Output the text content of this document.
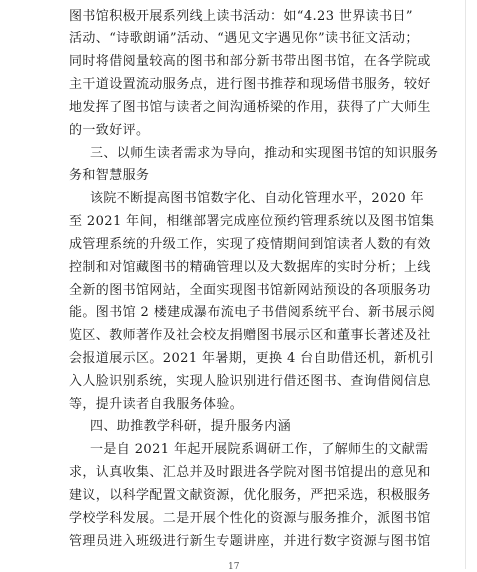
图书馆积极开展系列线上读书活动：如“4.23 世界读书日”
活动、“诗歌朗诵”活动、“遇见文字遇见你”读书征文活动；
同时将借阅量较高的图书和部分新书带出图书馆，在各学院或
主干道设置流动服务点，进行图书推荐和现场借书服务，较好
地发挥了图书馆与读者之间沟通桥梁的作用，获得了广大师生
的一致好评。
三、以师生读者需求为导向，推动和实现图书馆的知识服务
务和智慧服务
该院不断提高图书馆数字化、自动化管理水平，2020 年
至 2021 年间，相继部署完成座位预约管理系统以及图书馆集
成管理系统的升级工作，实现了疫情期间到馆读者人数的有效
控制和对馆藏图书的精确管理以及大数据库的实时分析；上线
全新的图书馆网站，全面实现图书馆新网站预设的各项服务功
能。图书馆 2 楼建成瀑布流电子书借阅系统平台、新书展示阅
览区、教师著作及社会校友捐赠图书展示区和董事长著述及社
会报道展示区。2021 年暑期，更换 4 台自助借还机，新机引
入人脸识别系统，实现人脸识别进行借还图书、查询借阅信息
等，提升读者自我服务体验。
四、助推教学科研，提升服务内涵
一是自 2021 年起开展院系调研工作，了解师生的文献需
求，认真收集、汇总并及时跟进各学院对图书馆提出的意见和
建议，以科学配置文献资源，优化服务，严把采选，积极服务
学校学科发展。二是开展个性化的资源与服务推介，派图书馆
管理员进入班级进行新生专题讲座，并进行数字资源与图书馆
17
